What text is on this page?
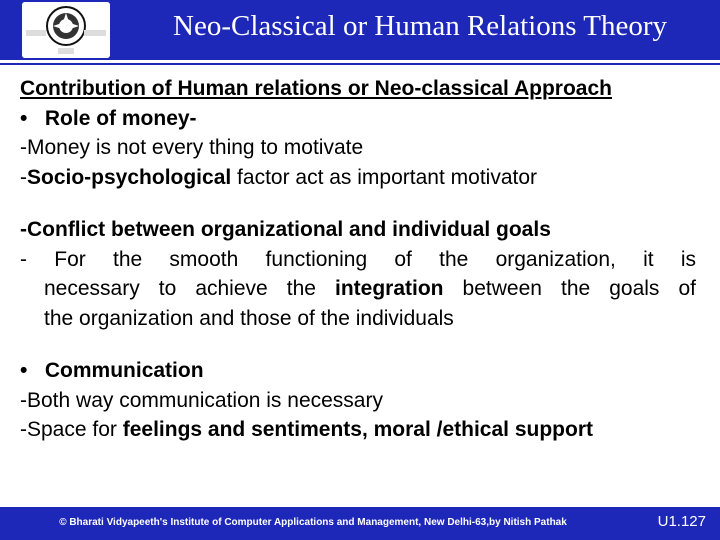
Neo-Classical or Human Relations Theory
Contribution of Human relations or Neo-classical Approach
• Role of money-
-Money is not every thing to motivate
-Socio-psychological factor act as important motivator
-Conflict between organizational and individual goals
- For the smooth functioning of the organization, it is
necessary to achieve the integration between the goals of
the organization and those of the individuals
• Communication
-Both way communication is necessary
-Space for feelings and sentiments, moral /ethical support
© Bharati Vidyapeeth's Institute of Computer Applications and Management, New Delhi-63,by Nitish Pathak	U1.127
